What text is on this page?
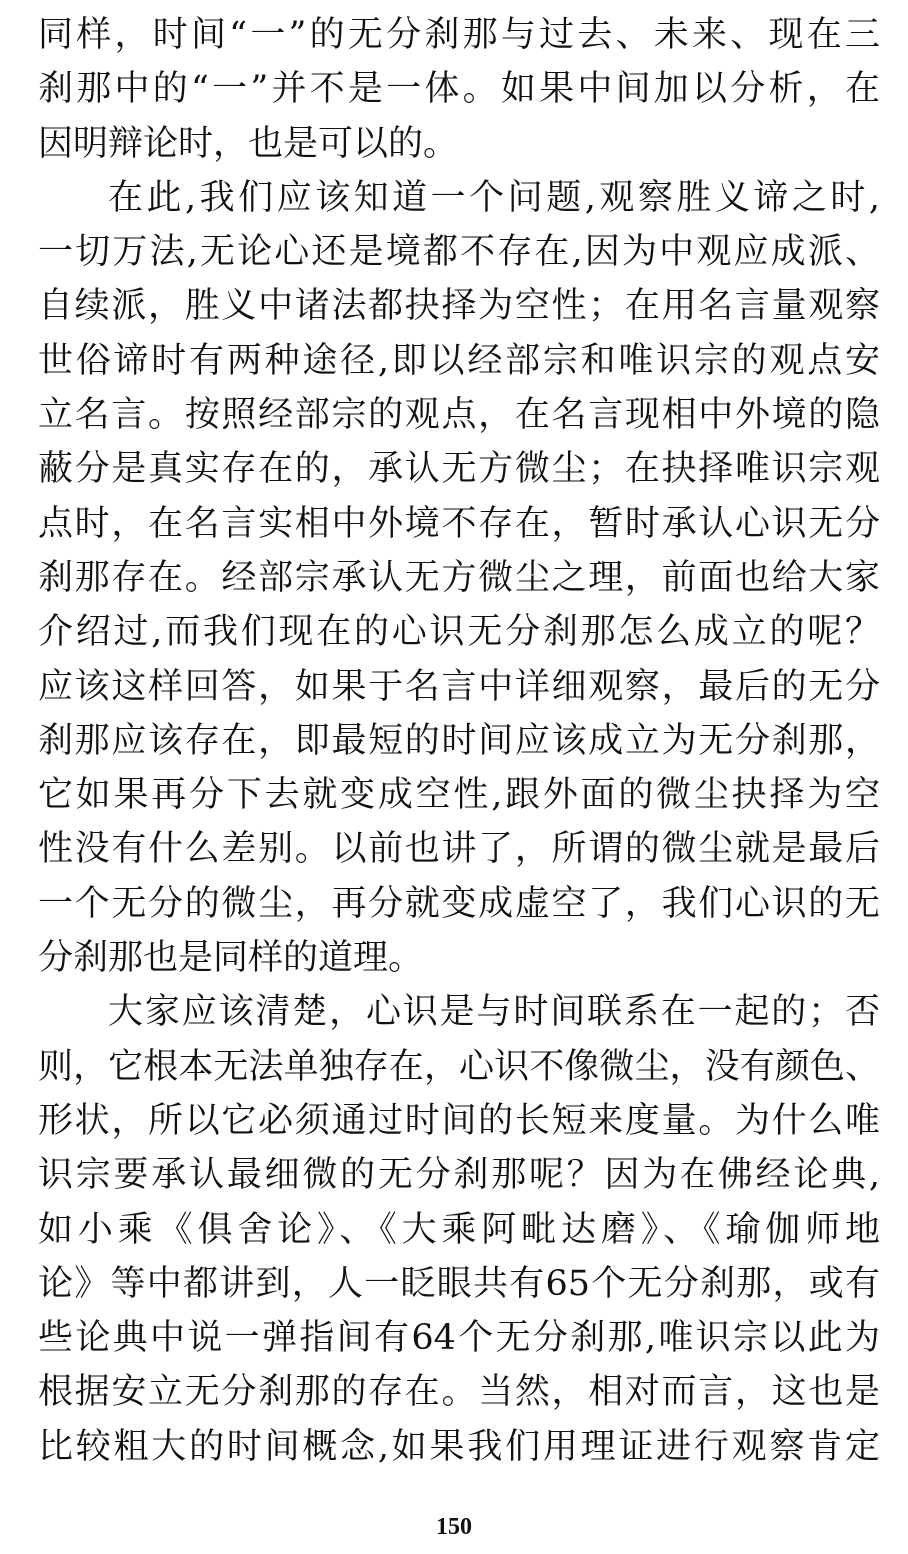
同样，时间“一”的无分刹那与过去、未来、现在三
刹那中的“一”并不是一体。如果中间加以分析，在
因明辩论时，也是可以的。
在此,我们应该知道一个问题,观察胜义谛之时,
一切万法,无论心还是境都不存在,因为中观应成派、
自续派，胜义中诸法都抉择为空性；在用名言量观察
世俗谛时有两种途径,即以经部宗和唯识宗的观点安
立名言。按照经部宗的观点，在名言现相中外境的隐
蔽分是真实存在的，承认无方微尘；在抉择唯识宗观
点时，在名言实相中外境不存在，暂时承认心识无分
刹那存在。经部宗承认无方微尘之理，前面也给大家
介绍过,而我们现在的心识无分刹那怎么成立的呢？
应该这样回答，如果于名言中详细观察，最后的无分
刹那应该存在，即最短的时间应该成立为无分刹那，
它如果再分下去就变成空性,跟外面的微尘抉择为空
性没有什么差别。以前也讲了，所谓的微尘就是最后
一个无分的微尘，再分就变成虚空了，我们心识的无
分刹那也是同样的道理。
大家应该清楚，心识是与时间联系在一起的；否
则，它根本无法单独存在，心识不像微尘，没有颜色、
形状，所以它必须通过时间的长短来度量。为什么唯
识宗要承认最细微的无分刹那呢？因为在佛经论典,
如小乘《俱舍论》、《大乘阿毗达磨》、《瑜伽师地
论》等中都讲到，人一眨眼共有65个无分刹那，或有
些论典中说一弹指间有64个无分刹那,唯识宗以此为
根据安立无分刹那的存在。当然，相对而言，这也是
比较粗大的时间概念,如果我们用理证进行观察肯定
150
